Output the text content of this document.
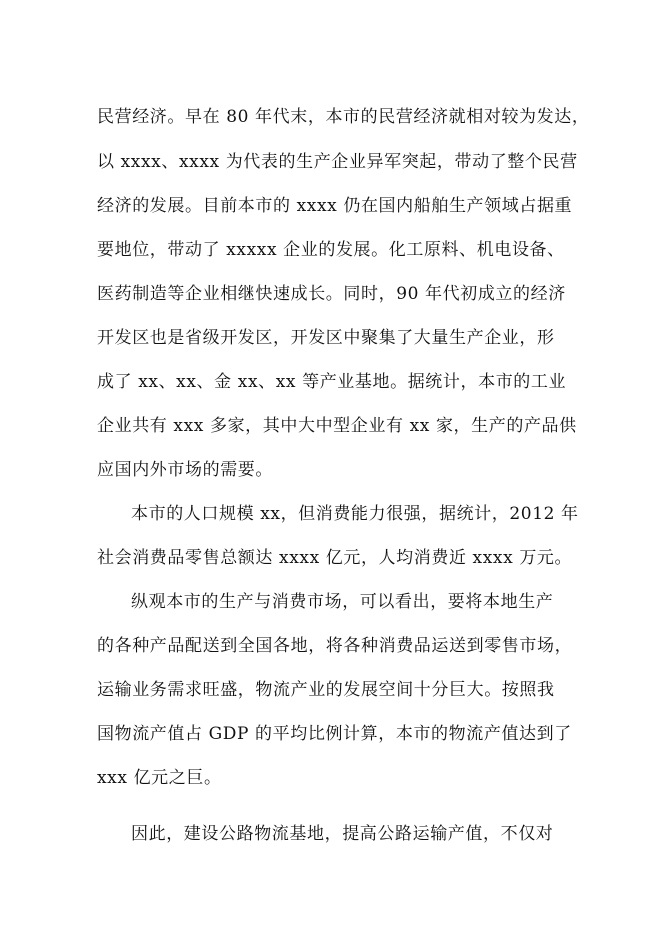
民营经济。早在 80 年代末，本市的民营经济就相对较为发达，
以 xxxx、xxxx 为代表的生产企业异军突起，带动了整个民营
经济的发展。目前本市的 xxxx 仍在国内船舶生产领域占据重
要地位，带动了 xxxxx 企业的发展。化工原料、机电设备、
医药制造等企业相继快速成长。同时，90 年代初成立的经济
开发区也是省级开发区，开发区中聚集了大量生产企业，形
成了 xx、xx、金 xx、xx 等产业基地。据统计，本市的工业
企业共有 xxx 多家，其中大中型企业有 xx 家，生产的产品供
应国内外市场的需要。
本市的人口规模 xx，但消费能力很强，据统计，2012 年
社会消费品零售总额达 xxxx 亿元，人均消费近 xxxx 万元。
纵观本市的生产与消费市场，可以看出，要将本地生产
的各种产品配送到全国各地，将各种消费品运送到零售市场，
运输业务需求旺盛，物流产业的发展空间十分巨大。按照我
国物流产值占 GDP 的平均比例计算，本市的物流产值达到了
xxx 亿元之巨。
因此，建设公路物流基地，提高公路运输产值，不仅对
